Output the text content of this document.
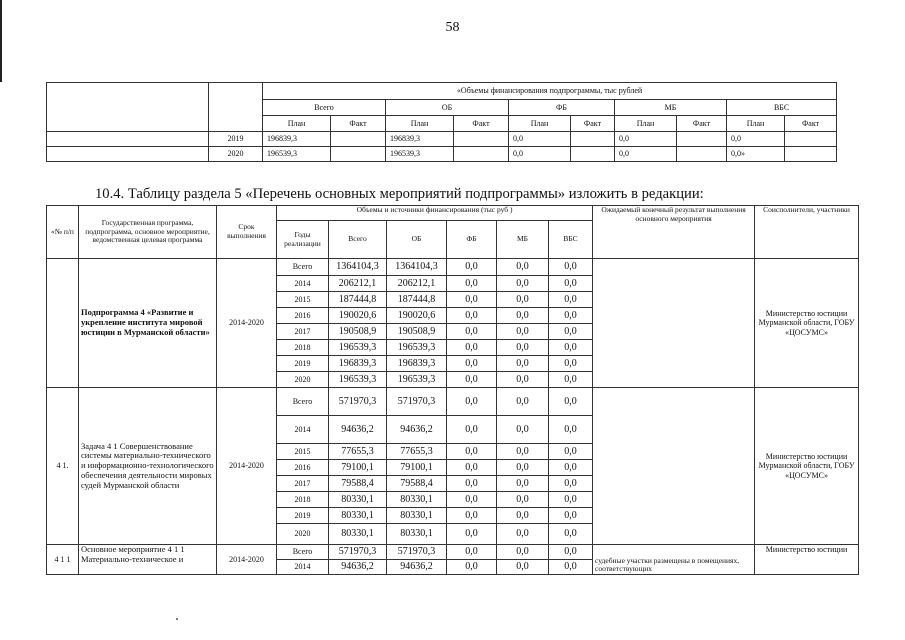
58
		«Объемы финансирования подпрограммы, тыс рублей									
		Всего		ОБ		ФБ		МБ		ВБС	
		План	Факт	План	Факт	План	Факт	План	Факт	План	Факт
	2019	196839,3		196839,3		0,0		0,0		0,0	
	2020	196539,3		196539,3		0,0		0,0		0,0»	
10.4. Таблицу раздела 5 «Перечень основных мероприятий подпрограммы» изложить в редакции:
«№ п/п	Государственная программа, подпрограмма, основное мероприятие, ведомственная целевая программа	Срок выполнения	Объемы и источники финансирования (тыс руб )						Ожидаемый конечный результат выполнения основного мероприятия	Соисполнители, участники
			Годы реализации	Всего	ОБ	ФБ	МБ	ВБС		
	Подпрограмма 4 «Развитие и укрепление института мировой юстиции в Мурманской области»	2014-2020	Всего	1364104,3	1364104,3	0,0	0,0	0,0		Министерство юстиции Мурманской области, ГОБУ «ЦОСУМС»
			2014	206212,1	206212,1	0,0	0,0	0,0		
			2015	187444,8	187444,8	0,0	0,0	0,0		
			2016	190020,6	190020,6	0,0	0,0	0,0		
			2017	190508,9	190508,9	0,0	0,0	0,0		
			2018	196539,3	196539,3	0,0	0,0	0,0		
			2019	196839,3	196839,3	0,0	0,0	0,0		
			2020	196539,3	196539,3	0,0	0,0	0,0		
4 1.	Задача 4 1 Совершенствование системы материально-технического и информационно-технологического обеспечения деятельности мировых судей Мурманской области	2014-2020	Всего	571970,3	571970,3	0,0	0,0	0,0		Министерство юстиции Мурманской области, ГОБУ «ЦОСУМС»
			2014	94636,2	94636,2	0,0	0,0	0,0		
			2015	77655,3	77655,3	0,0	0,0	0,0		
			2016	79100,1	79100,1	0,0	0,0	0,0		
			2017	79588,4	79588,4	0,0	0,0	0,0		
			2018	80330,1	80330,1	0,0	0,0	0,0		
			2019	80330,1	80330,1	0,0	0,0	0,0		
			2020	80330,1	80330,1	0,0	0,0	0,0		
4 1 1	Основное мероприятие 4 1 1 Материально-техническое и	2014-2020	Всего	571970,3	571970,3	0,0	0,0	0,0	судебные участки размещены в помещениях, соответствующих	Министерство юстиции
			2014	94636,2	94636,2	0,0	0,0	0,0		
